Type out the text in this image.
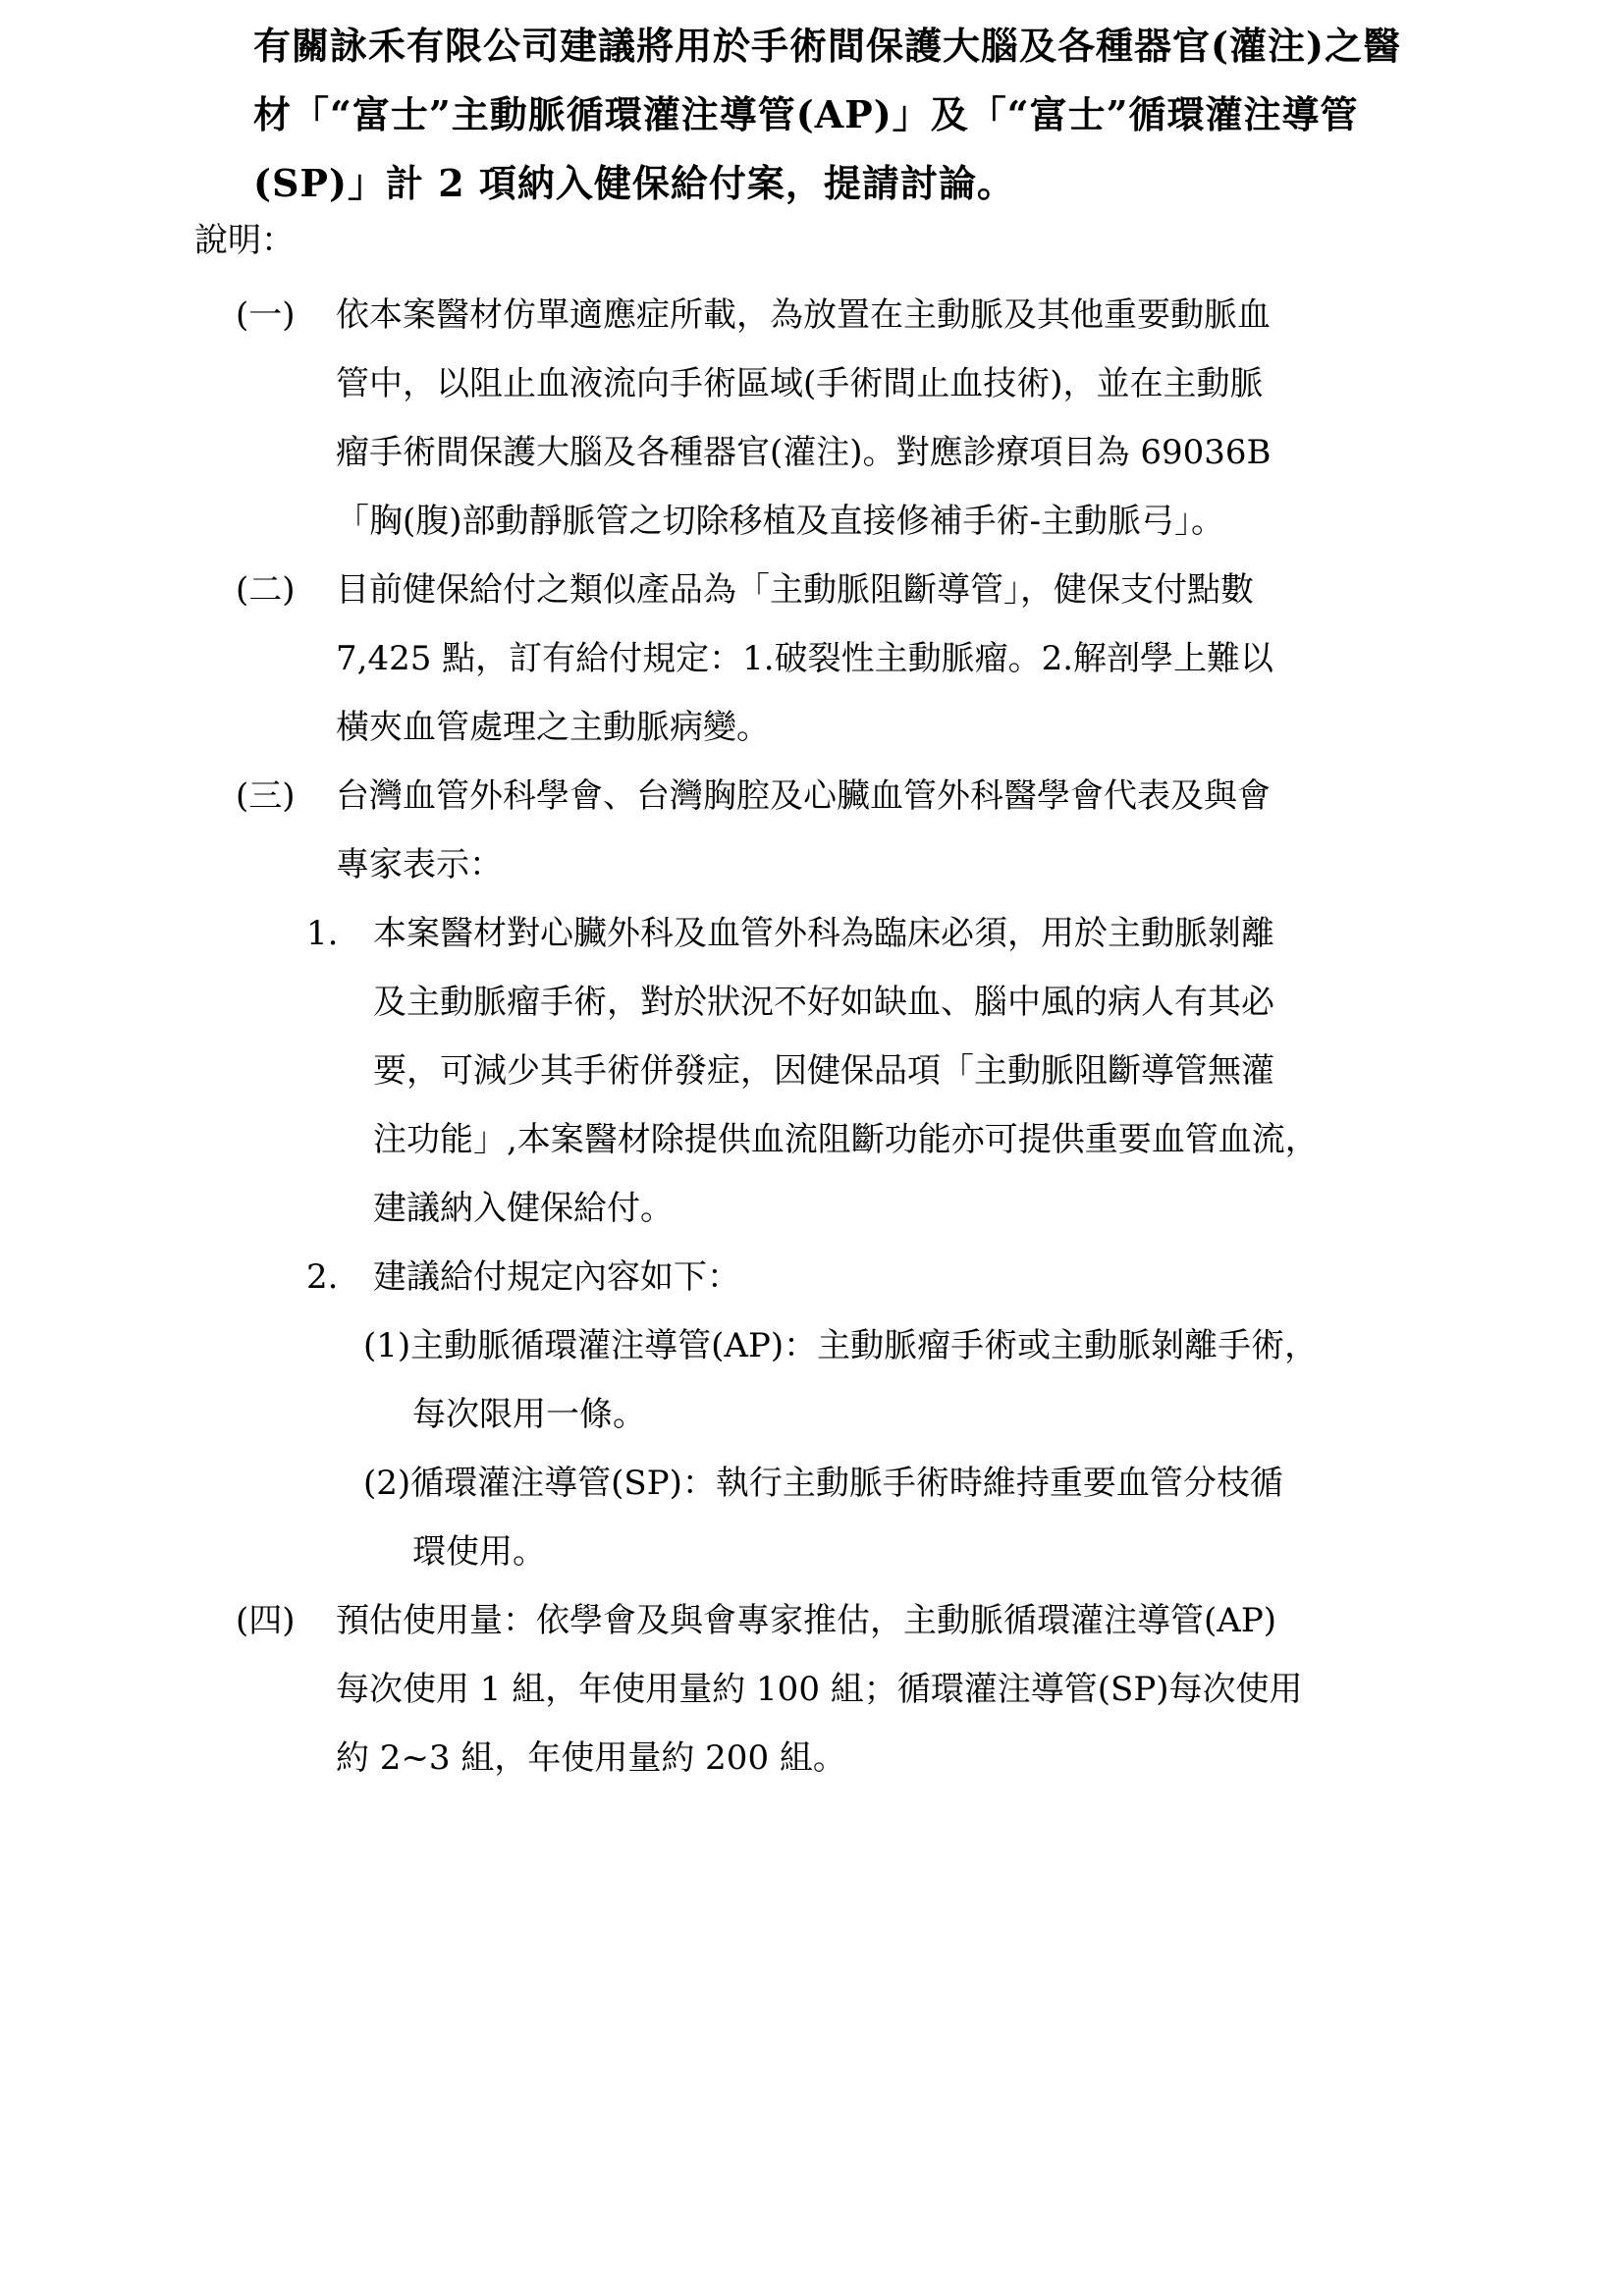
有關詠禾有限公司建議將用於手術間保護大腦及各種器官(灌注)之醫
材「“富士”主動脈循環灌注導管(AP)」及「“富士”循環灌注導管
(SP)」計 2 項納入健保給付案，提請討論。
說明：
(一) 依本案醫材仿單適應症所載，為放置在主動脈及其他重要動脈血
管中，以阻止血液流向手術區域(手術間止血技術)，並在主動脈
瘤手術間保護大腦及各種器官(灌注)。對應診療項目為 69036B
「胸(腹)部動靜脈管之切除移植及直接修補手術-主動脈弓」。
(二) 目前健保給付之類似產品為「主動脈阻斷導管」，健保支付點數
7,425 點，訂有給付規定：1.破裂性主動脈瘤。2.解剖學上難以
橫夾血管處理之主動脈病變。
(三) 台灣血管外科學會、台灣胸腔及心臟血管外科醫學會代表及與會
專家表示：
1. 本案醫材對心臟外科及血管外科為臨床必須，用於主動脈剝離
及主動脈瘤手術，對於狀況不好如缺血、腦中風的病人有其必
要，可減少其手術併發症，因健保品項「主動脈阻斷導管無灌
注功能」,本案醫材除提供血流阻斷功能亦可提供重要血管血流，
建議納入健保給付。
2. 建議給付規定內容如下：
(1)主動脈循環灌注導管(AP)：主動脈瘤手術或主動脈剝離手術，
每次限用一條。
(2)循環灌注導管(SP)：執行主動脈手術時維持重要血管分枝循
環使用。
(四) 預估使用量：依學會及與會專家推估，主動脈循環灌注導管(AP)
每次使用 1 組，年使用量約 100 組；循環灌注導管(SP)每次使用
約 2~3 組，年使用量約 200 組。
